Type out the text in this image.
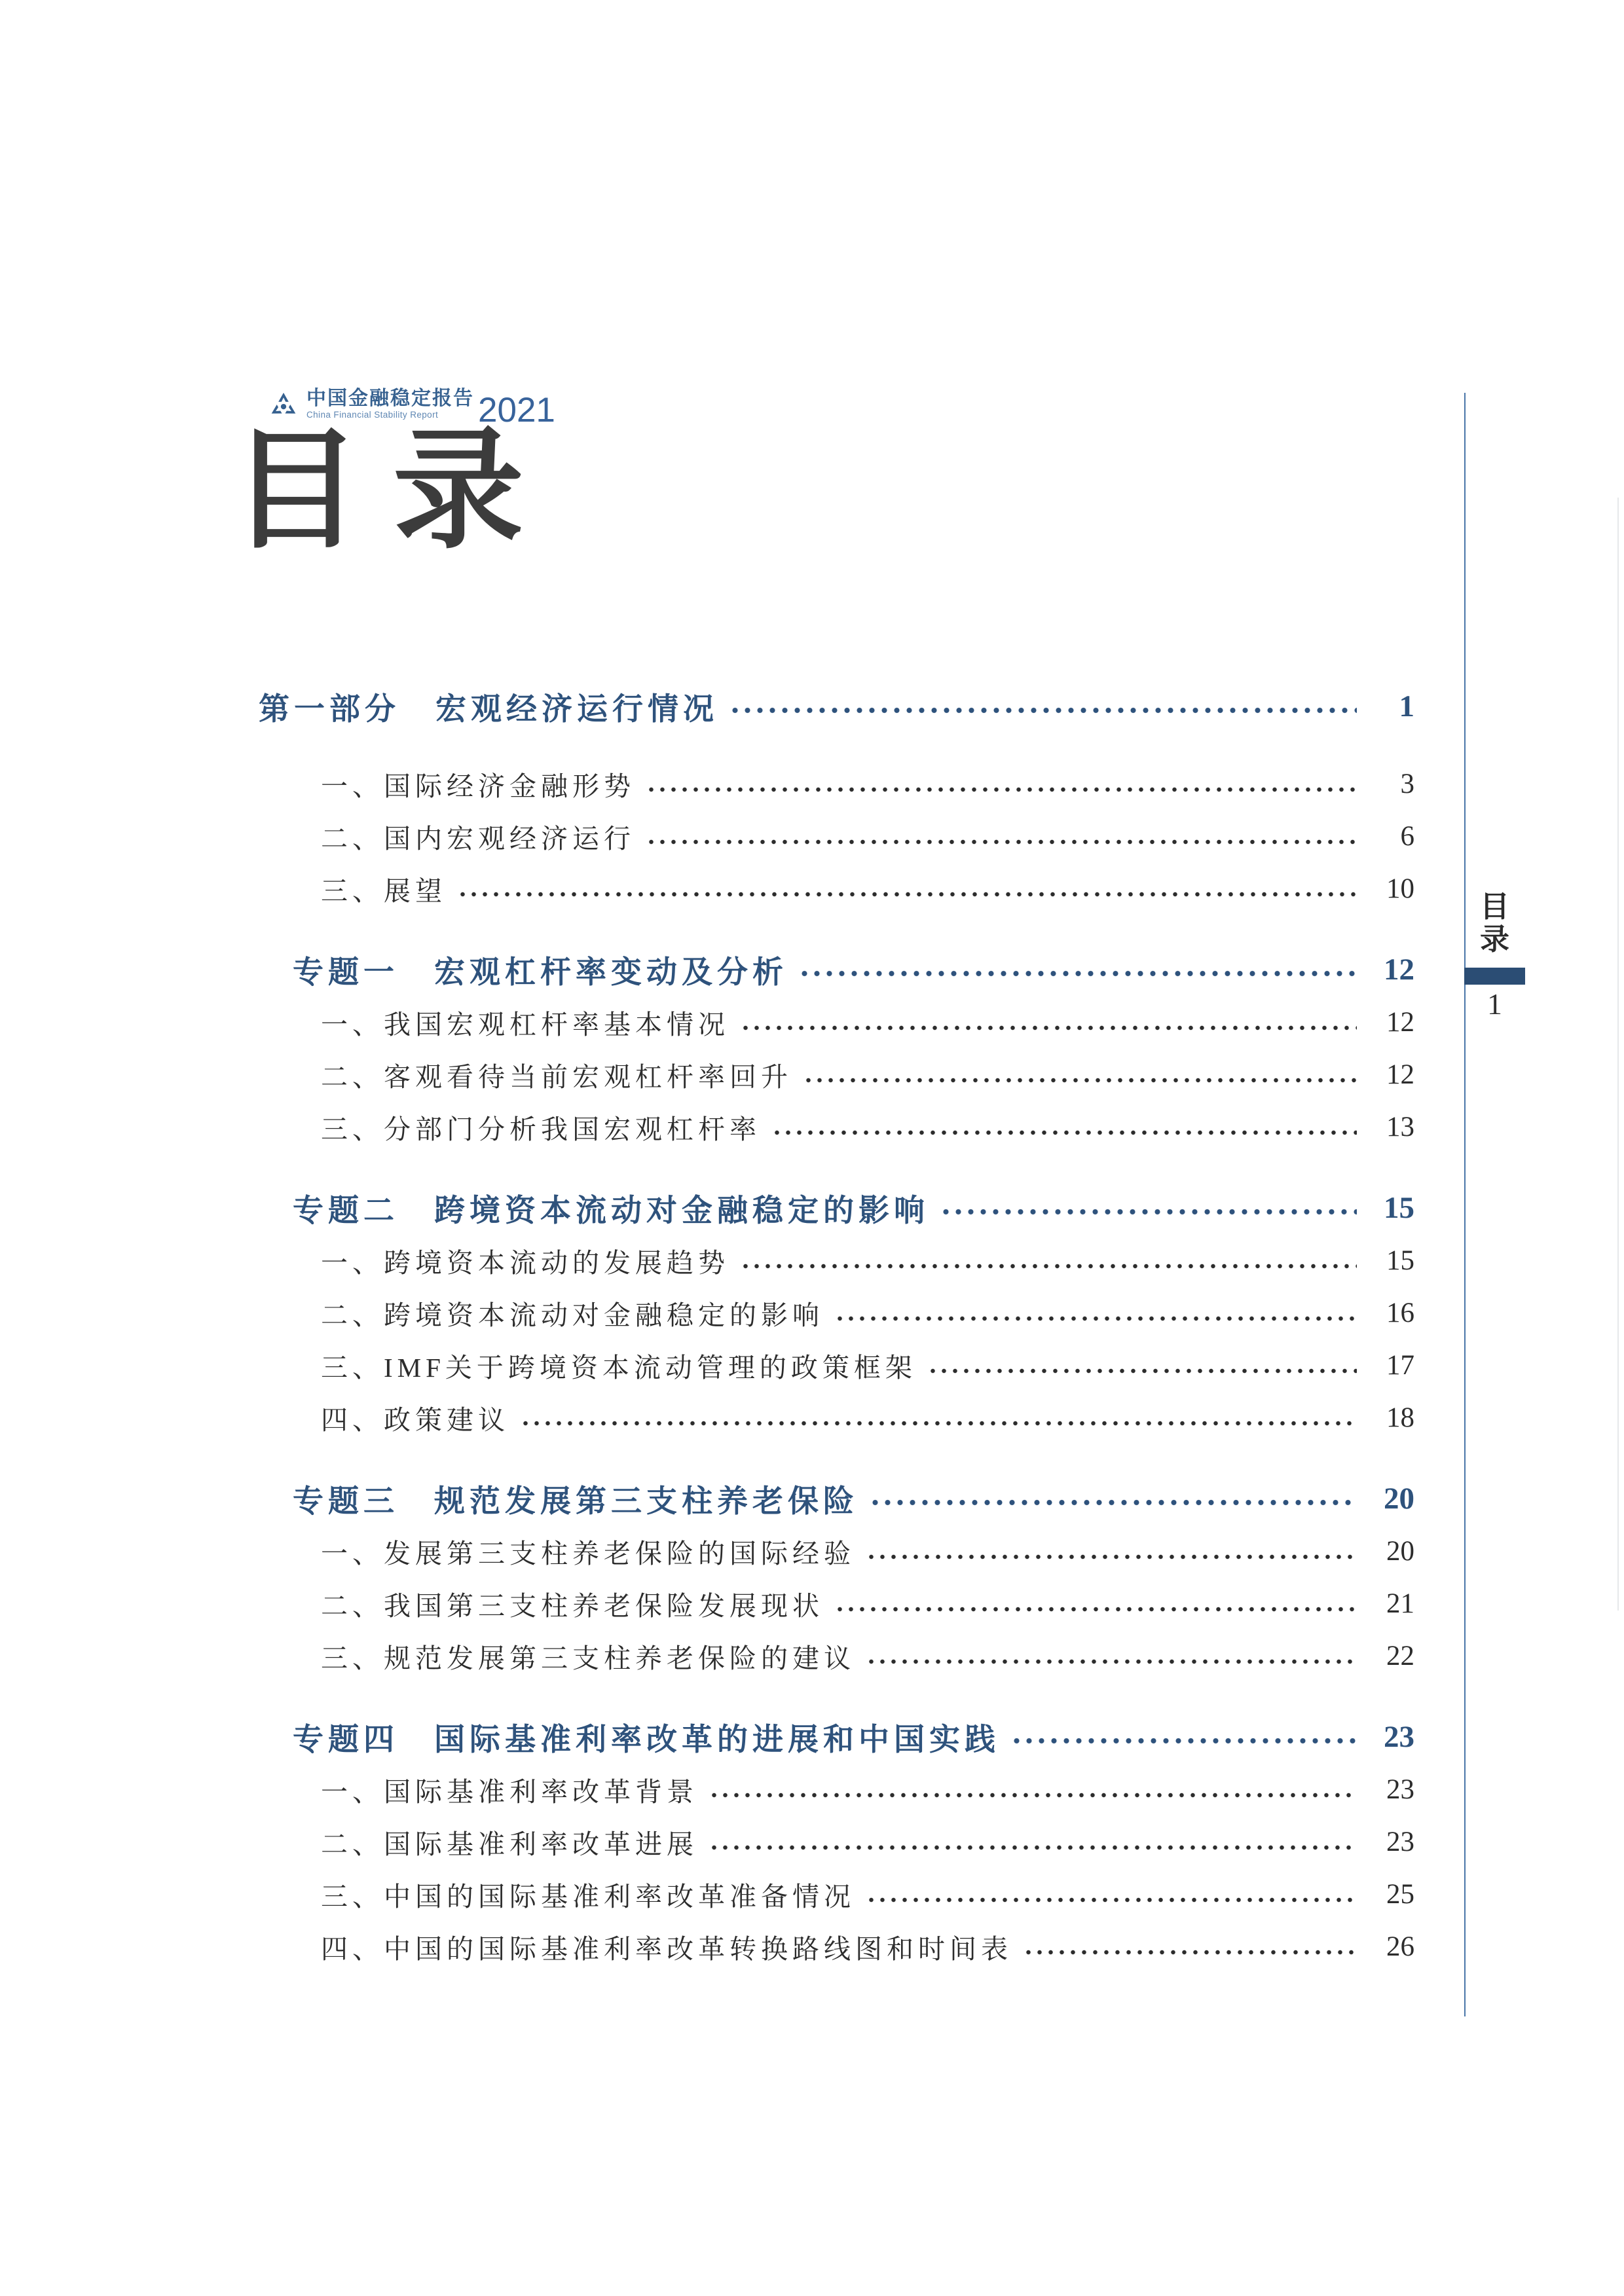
中国金融稳定报告
China Financial Stability Report	2021
目 录
第一部分　宏观经济运行情况	1
一、国际经济金融形势	3
二、国内宏观经济运行	6
三、展望	10
专题一　宏观杠杆率变动及分析	12
一、我国宏观杠杆率基本情况	12
二、客观看待当前宏观杠杆率回升	12
三、分部门分析我国宏观杠杆率	13
专题二　跨境资本流动对金融稳定的影响	15
一、跨境资本流动的发展趋势	15
二、跨境资本流动对金融稳定的影响	16
三、IMF关于跨境资本流动管理的政策框架	17
四、政策建议	18
专题三　规范发展第三支柱养老保险	20
一、发展第三支柱养老保险的国际经验	20
二、我国第三支柱养老保险发展现状	21
三、规范发展第三支柱养老保险的建议	22
专题四　国际基准利率改革的进展和中国实践	23
一、国际基准利率改革背景	23
二、国际基准利率改革进展	23
三、中国的国际基准利率改革准备情况	25
四、中国的国际基准利率改革转换路线图和时间表	26
目
录
1
